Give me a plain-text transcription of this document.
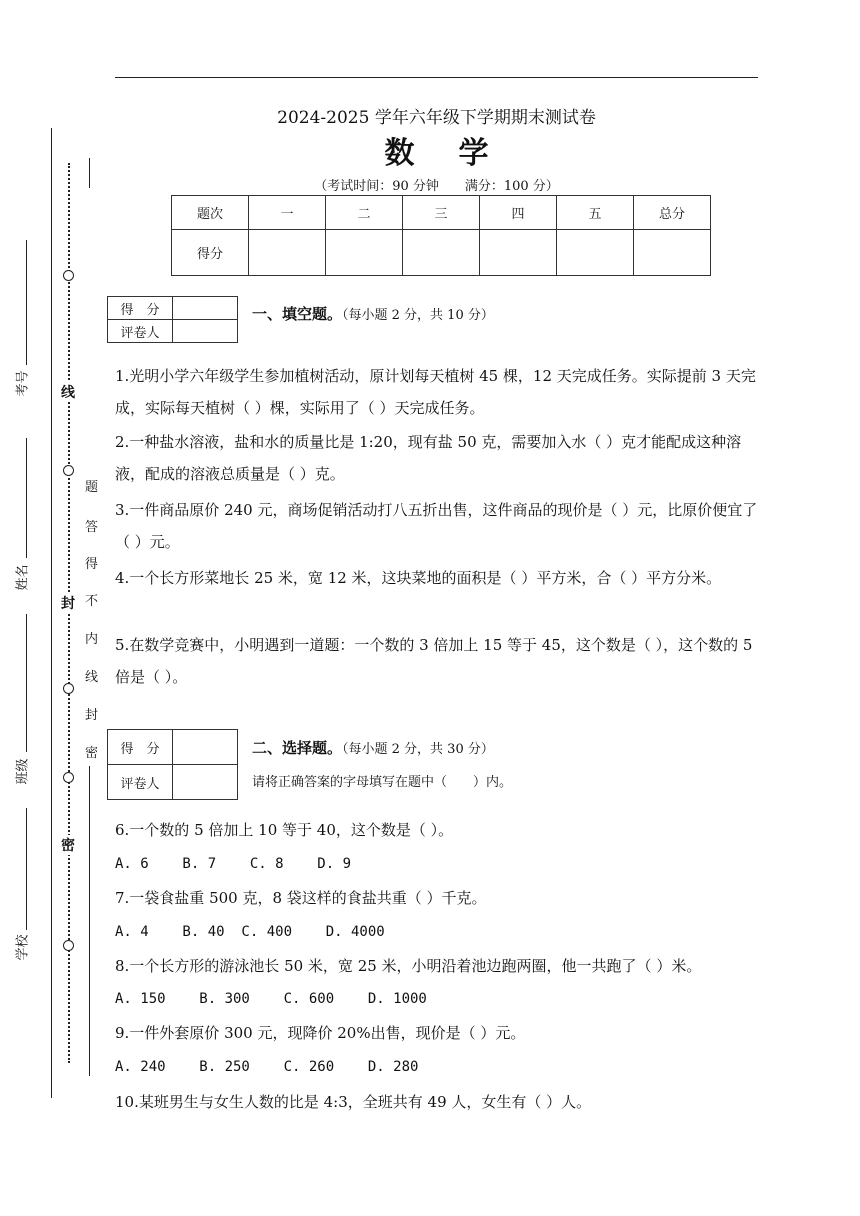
2024-2025 学年六年级下学期期末测试卷
数学
（考试时间：90 分钟　　满分：100 分）
题次	一	二	三	四	五	总分
得分						
得　分	
评卷人	
一、填空题。（每小题 2 分，共 10 分）
1.光明小学六年级学生参加植树活动，原计划每天植树 45 棵，12 天完成任务。实际提前 3 天完成，实际每天植树（ ）棵，实际用了（ ）天完成任务。
2.一种盐水溶液，盐和水的质量比是 1:20，现有盐 50 克，需要加入水（ ）克才能配成这种溶液，配成的溶液总质量是（ ）克。
3.一件商品原价 240 元，商场促销活动打八五折出售，这件商品的现价是（ ）元，比原价便宜了（ ）元。
4.一个长方形菜地长 25 米，宽 12 米，这块菜地的面积是（ ）平方米，合（ ）平方分米。
5.在数学竞赛中，小明遇到一道题：一个数的 3 倍加上 15 等于 45，这个数是（ ），这个数的 5 倍是（ ）。
得　分	
评卷人	
二、选择题。（每小题 2 分，共 30 分）
请将正确答案的字母填写在题中（　　）内。
6.一个数的 5 倍加上 10 等于 40，这个数是（ ）。
A. 6    B. 7    C. 8    D. 9
7.一袋食盐重 500 克，8 袋这样的食盐共重（ ）千克。
A. 4    B. 40  C. 400    D. 4000
8.一个长方形的游泳池长 50 米，宽 25 米，小明沿着池边跑两圈，他一共跑了（ ）米。
A. 150    B. 300    C. 600    D. 1000
9.一件外套原价 300 元，现降价 20%出售，现价是（ ）元。
A. 240    B. 250    C. 260    D. 280
10.某班男生与女生人数的比是 4:3，全班共有 49 人，女生有（ ）人。
考号
姓名
班级
学校
线
封
密
题
答
得
不
内
线
封
密
